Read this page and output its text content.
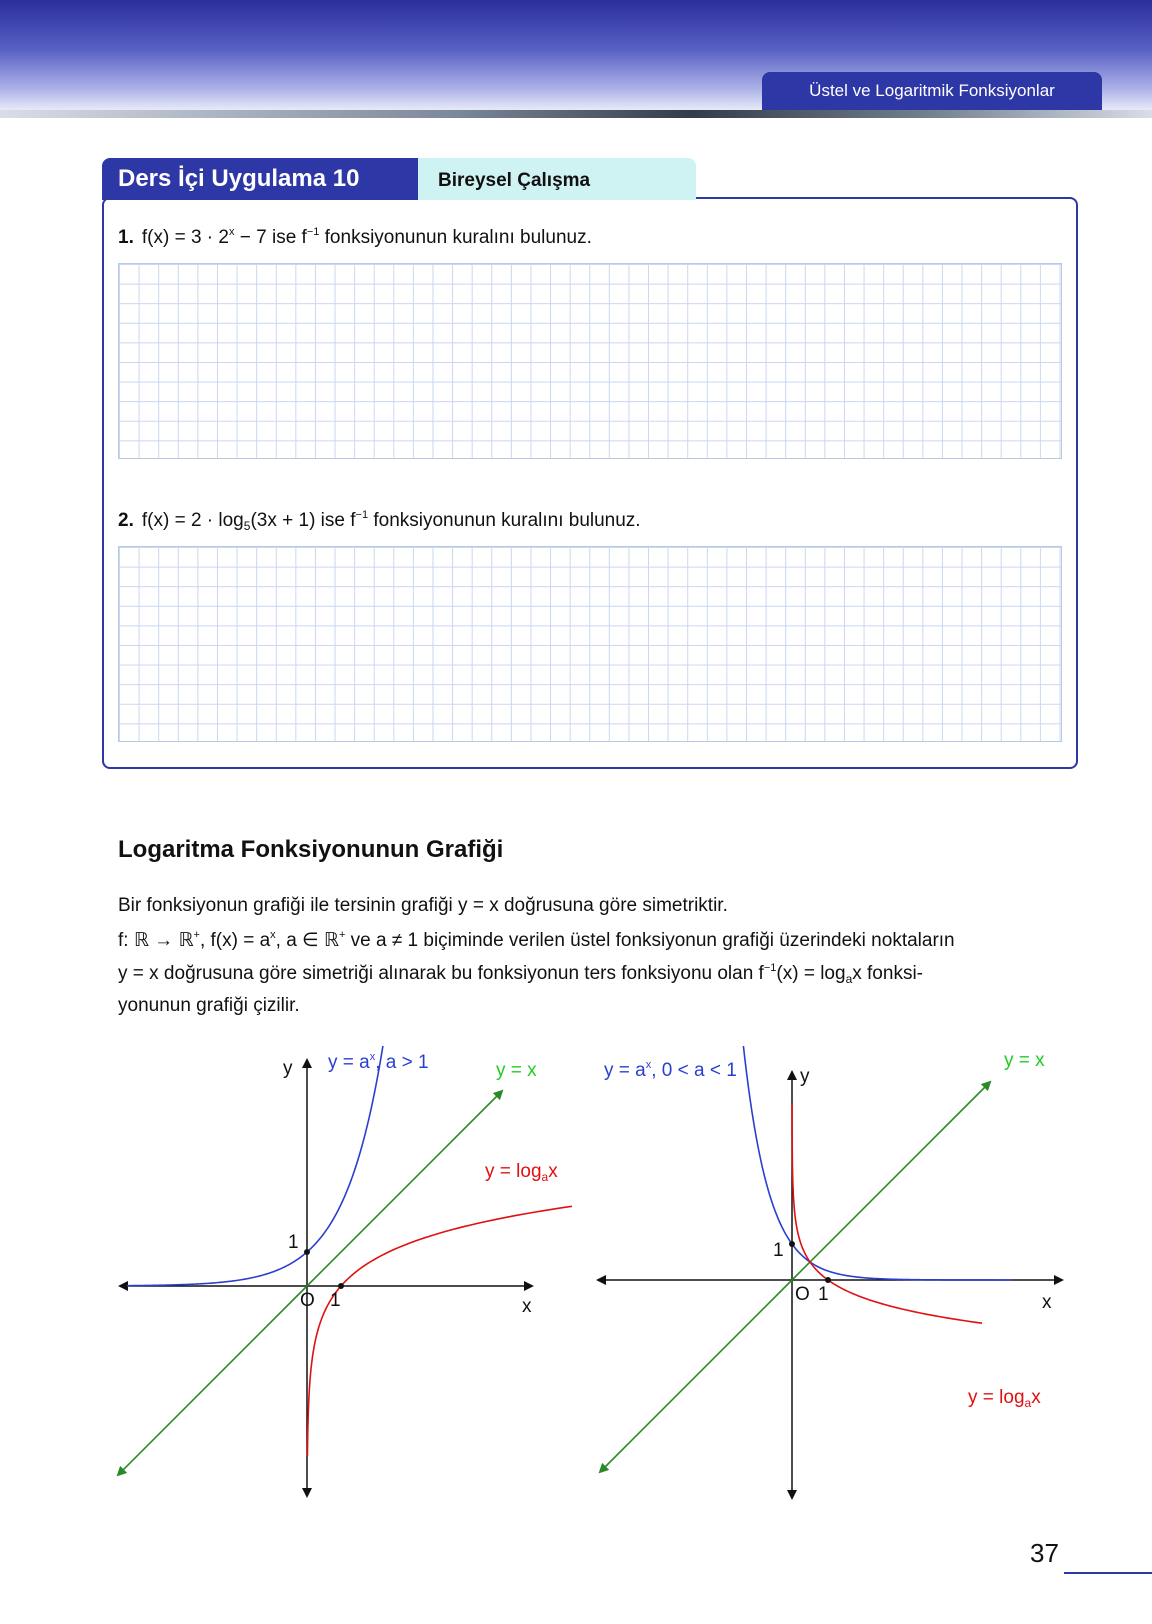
Üstel ve Logaritmik Fonksiyonlar
Ders İçi Uygulama 10	Bireysel Çalışma
1. $f(x) = 3 \cdot 2^x - 7$ ise $f^{-1}$ fonksiyonunun kuralını bulunuz.
2. $f(x) = 2 \cdot \log_5(3x + 1)$ ise $f^{-1}$ fonksiyonunun kuralını bulunuz.
Logaritma Fonksiyonunun Grafiği
Bir fonksiyonun grafiği ile tersinin grafiği y = x doğrusuna göre simetriktir.
f: ℝ → ℝ+, $f(x) = a^x$, a ∈ ℝ+ ve a ≠ 1 biçiminde verilen üstel fonksiyonun grafiği üzerindeki noktaların
y = x doğrusuna göre simetriği alınarak bu fonksiyonun ters fonksiyonu olan $f^{-1}(x) = \log_ax$ fonksi-
yonunun grafiği çizilir.
y
x
O 1
1
$y = a^x$, a > 1	y = x
$y = \log_ax$
y
x
O 1
1
$y = a^x$, 0 < a < 1	y = x
$y = \log_ax$
37
